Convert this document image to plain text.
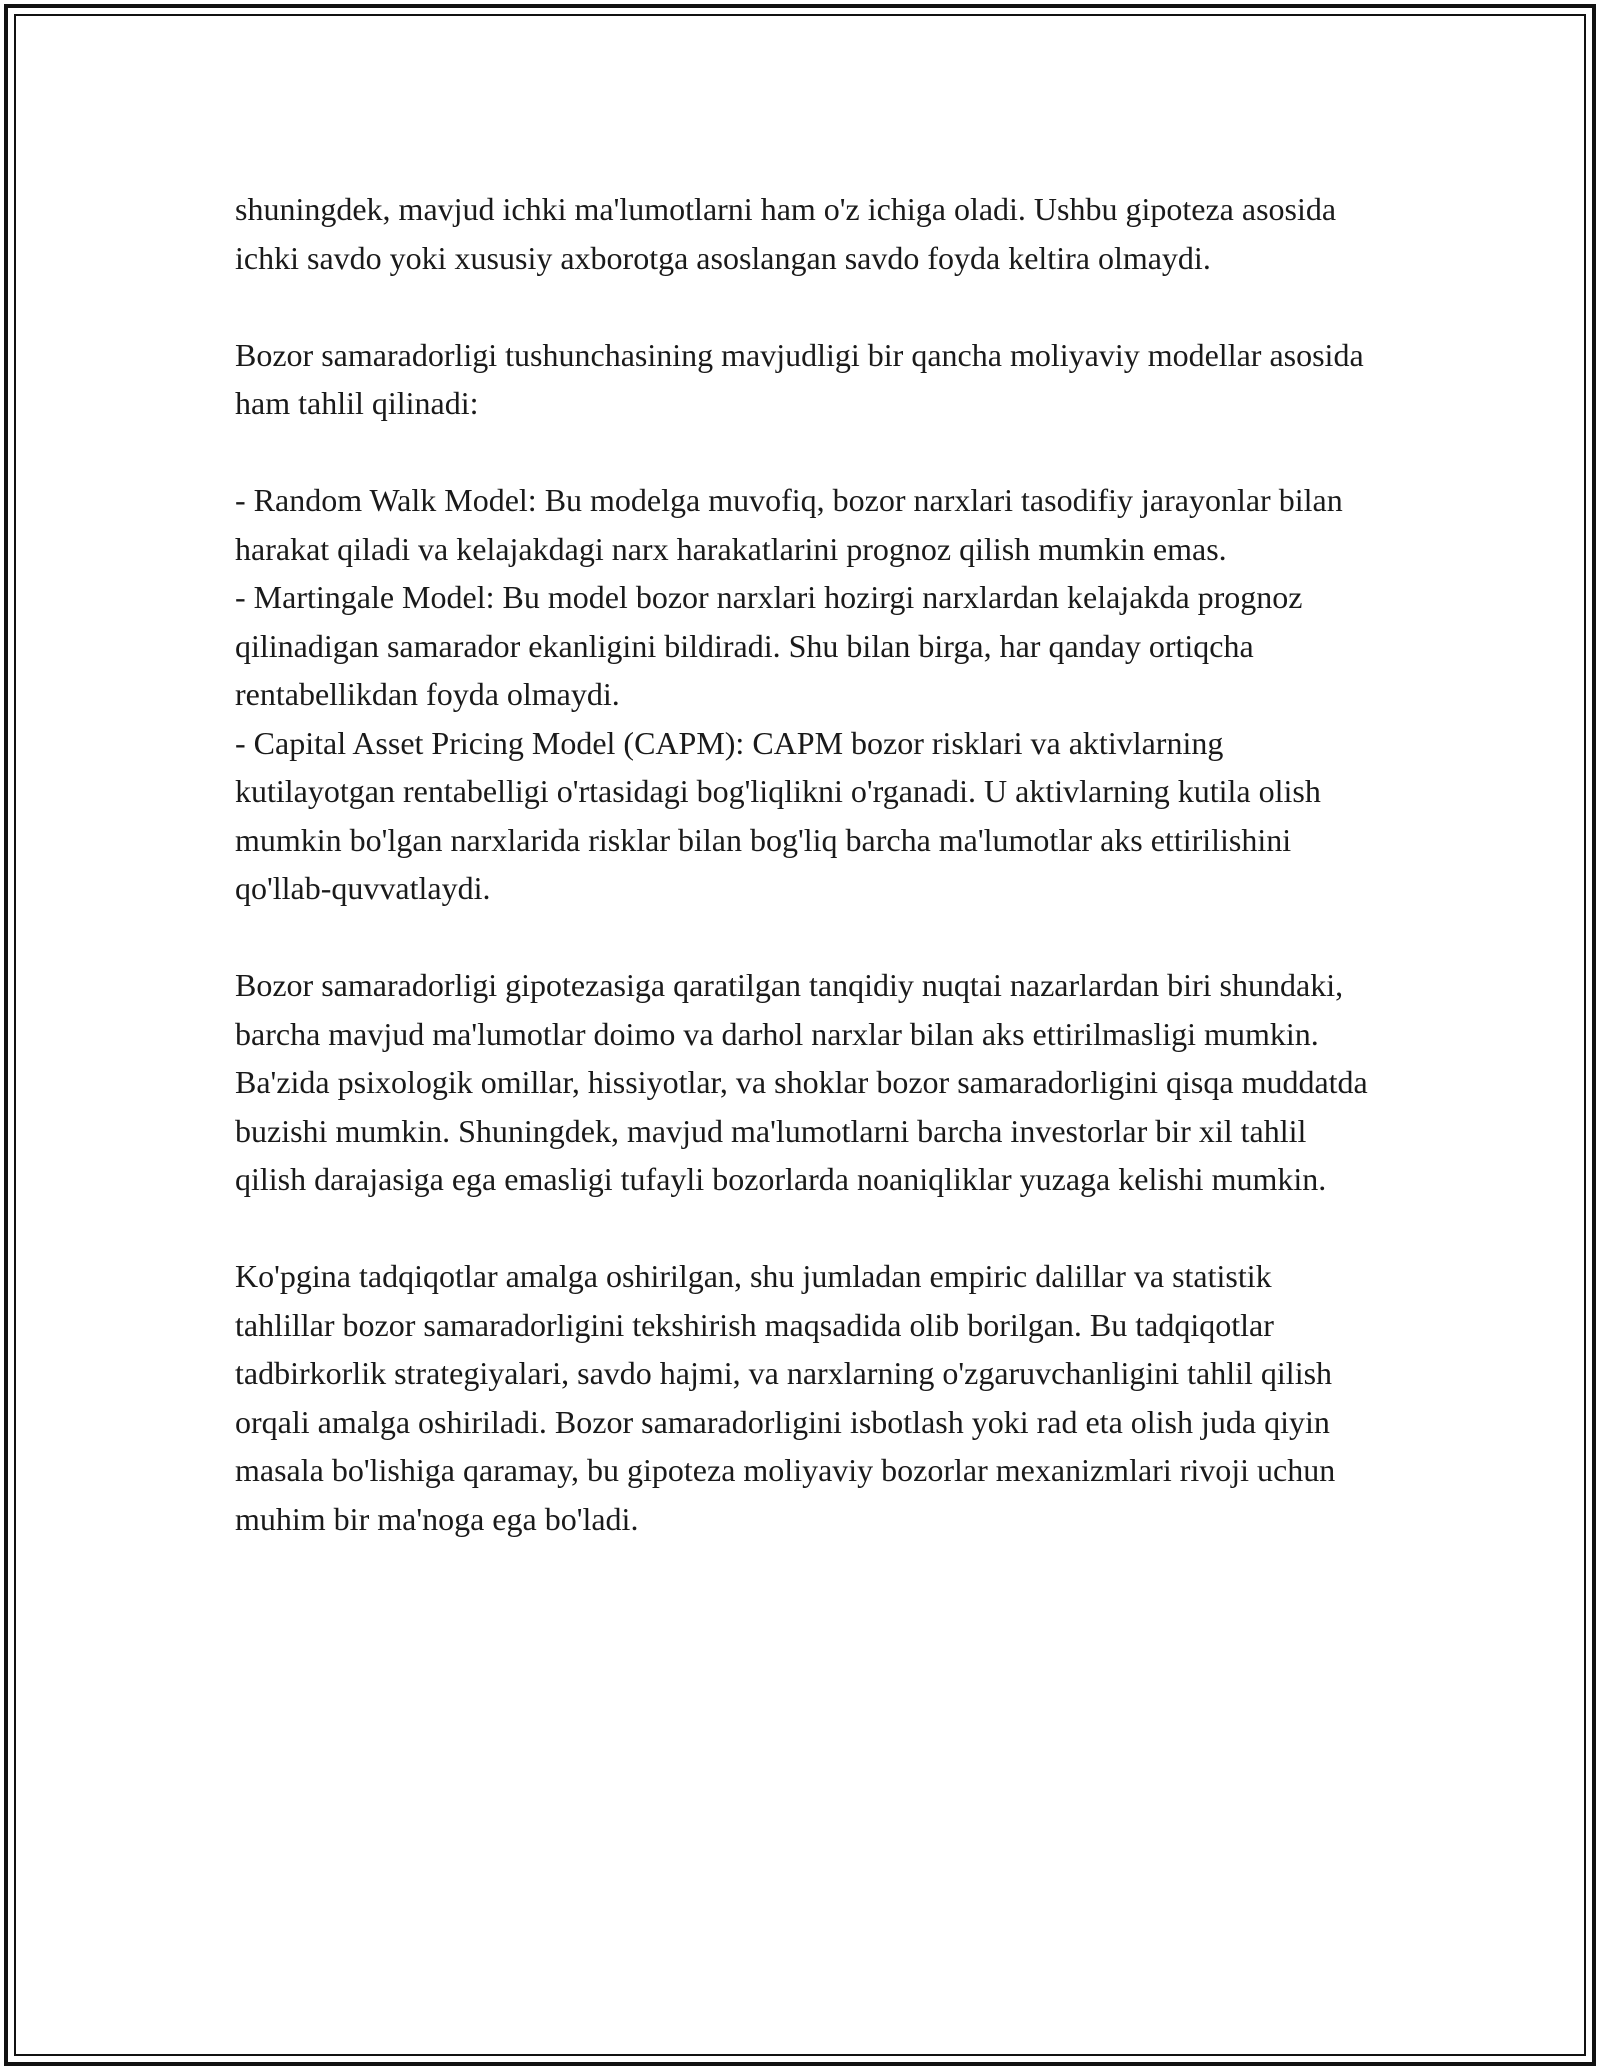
shuningdek, mavjud ichki ma'lumotlarni ham o'z ichiga oladi. Ushbu gipoteza asosida ichki savdo yoki xususiy axborotga asoslangan savdo foyda keltira olmaydi.

Bozor samaradorligi tushunchasining mavjudligi bir qancha moliyaviy modellar asosida ham tahlil qilinadi:

- Random Walk Model: Bu modelga muvofiq, bozor narxlari tasodifiy jarayonlar bilan harakat qiladi va kelajakdagi narx harakatlarini prognoz qilish mumkin emas.
- Martingale Model: Bu model bozor narxlari hozirgi narxlardan kelajakda prognoz qilinadigan samarador ekanligini bildiradi. Shu bilan birga, har qanday ortiqcha rentabellikdan foyda olmaydi.
- Capital Asset Pricing Model (CAPM): CAPM bozor risklari va aktivlarning kutilayotgan rentabelligi o'rtasidagi bog'liqlikni o'rganadi. U aktivlarning kutila olish mumkin bo'lgan narxlarida risklar bilan bog'liq barcha ma'lumotlar aks ettirilishini qo'llab-quvvatlaydi.

Bozor samaradorligi gipotezasiga qaratilgan tanqidiy nuqtai nazarlardan biri shundaki, barcha mavjud ma'lumotlar doimo va darhol narxlar bilan aks ettirilmasligi mumkin. Ba'zida psixologik omillar, hissiyotlar, va shoklar bozor samaradorligini qisqa muddatda buzishi mumkin. Shuningdek, mavjud ma'lumotlarni barcha investorlar bir xil tahlil qilish darajasiga ega emasligi tufayli bozorlarda noaniqliklar yuzaga kelishi mumkin.

Ko'pgina tadqiqotlar amalga oshirilgan, shu jumladan empiric dalillar va statistik tahlillar bozor samaradorligini tekshirish maqsadida olib borilgan. Bu tadqiqotlar tadbirkorlik strategiyalari, savdo hajmi, va narxlarning o'zgaruvchanligini tahlil qilish orqali amalga oshiriladi. Bozor samaradorligini isbotlash yoki rad eta olish juda qiyin masala bo'lishiga qaramay, bu gipoteza moliyaviy bozorlar mexanizmlari rivoji uchun muhim bir ma'noga ega bo'ladi.
